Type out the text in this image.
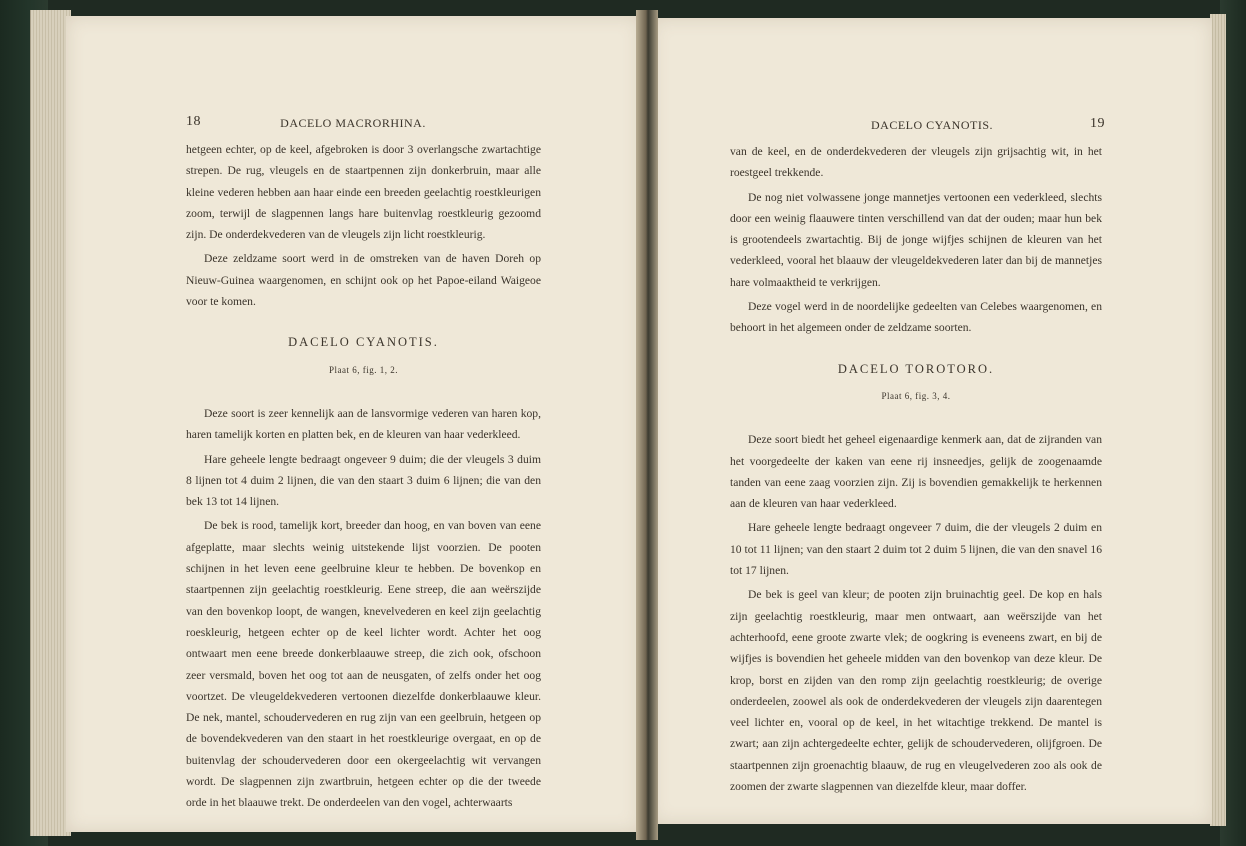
18	DACELO MACRORHINA.

hetgeen echter, op de keel, afgebroken is door 3 overlangsche zwartachtige strepen. De rug, vleugels en de staartpennen zijn donkerbruin, maar alle kleine vederen hebben aan haar einde een breeden geelachtig roestkleurigen zoom, terwijl de slagpennen langs hare buitenvlag roestkleurig gezoomd zijn. De onderdekvederen van de vleugels zijn licht roestkleurig.

Deze zeldzame soort werd in de omstreken van de haven Doreh op Nieuw-Guinea waargenomen, en schijnt ook op het Papoe-eiland Waigeoe voor te komen.

DACELO CYANOTIS.
Plaat 6, fig. 1, 2.

Deze soort is zeer kennelijk aan de lansvormige vederen van haren kop, haren tamelijk korten en platten bek, en de kleuren van haar vederkleed.

Hare geheele lengte bedraagt ongeveer 9 duim; die der vleugels 3 duim 8 lijnen tot 4 duim 2 lijnen, die van den staart 3 duim 6 lijnen; die van den bek 13 tot 14 lijnen.

De bek is rood, tamelijk kort, breeder dan hoog, en van boven van eene afgeplatte, maar slechts weinig uitstekende lijst voorzien. De pooten schijnen in het leven eene geelbruine kleur te hebben. De bovenkop en staartpennen zijn geelachtig roestkleurig. Eene streep, die aan weërszijde van den bovenkop loopt, de wangen, knevelvederen en keel zijn geelachtig roeskleurig, hetgeen echter op de keel lichter wordt. Achter het oog ontwaart men eene breede donkerblaauwe streep, die zich ook, ofschoon zeer versmald, boven het oog tot aan de neusgaten, of zelfs onder het oog voortzet. De vleugeldekvederen vertoonen diezelfde donkerblaauwe kleur. De nek, mantel, schoudervederen en rug zijn van een geelbruin, hetgeen op de bovendekvederen van den staart in het roestkleurige overgaat, en op de buitenvlag der schoudervederen door een okergeelachtig wit vervangen wordt. De slagpennen zijn zwartbruin, hetgeen echter op die der tweede orde in het blaauwe trekt. De onderdeelen van den vogel, achterwaarts

DACELO CYANOTIS.	19

van de keel, en de onderdekvederen der vleugels zijn grijsachtig wit, in het roestgeel trekkende.

De nog niet volwassene jonge mannetjes vertoonen een vederkleed, slechts door een weinig flaauwere tinten verschillend van dat der ouden; maar hun bek is grootendeels zwartachtig. Bij de jonge wijfjes schijnen de kleuren van het vederkleed, vooral het blaauw der vleugeldekvederen later dan bij de mannetjes hare volmaaktheid te verkrijgen.

Deze vogel werd in de noordelijke gedeelten van Celebes waargenomen, en behoort in het algemeen onder de zeldzame soorten.

DACELO TOROTORO.
Plaat 6, fig. 3, 4.

Deze soort biedt het geheel eigenaardige kenmerk aan, dat de zijranden van het voorgedeelte der kaken van eene rij insneedjes, gelijk de zoogenaamde tanden van eene zaag voorzien zijn. Zij is bovendien gemakkelijk te herkennen aan de kleuren van haar vederkleed.

Hare geheele lengte bedraagt ongeveer 7 duim, die der vleugels 2 duim en 10 tot 11 lijnen; van den staart 2 duim tot 2 duim 5 lijnen, die van den snavel 16 tot 17 lijnen.

De bek is geel van kleur; de pooten zijn bruinachtig geel. De kop en hals zijn geelachtig roestkleurig, maar men ontwaart, aan weërszijde van het achterhoofd, eene groote zwarte vlek; de oogkring is eveneens zwart, en bij de wijfjes is bovendien het geheele midden van den bovenkop van deze kleur. De krop, borst en zijden van den romp zijn geelachtig roestkleurig; de overige onderdeelen, zoowel als ook de onderdekvederen der vleugels zijn daarentegen veel lichter en, vooral op de keel, in het witachtige trekkend. De mantel is zwart; aan zijn achtergedeelte echter, gelijk de schoudervederen, olijfgroen. De staartpennen zijn groenachtig blaauw, de rug en vleugelvederen zoo als ook de zoomen der zwarte slagpennen van diezelfde kleur, maar doffer.
